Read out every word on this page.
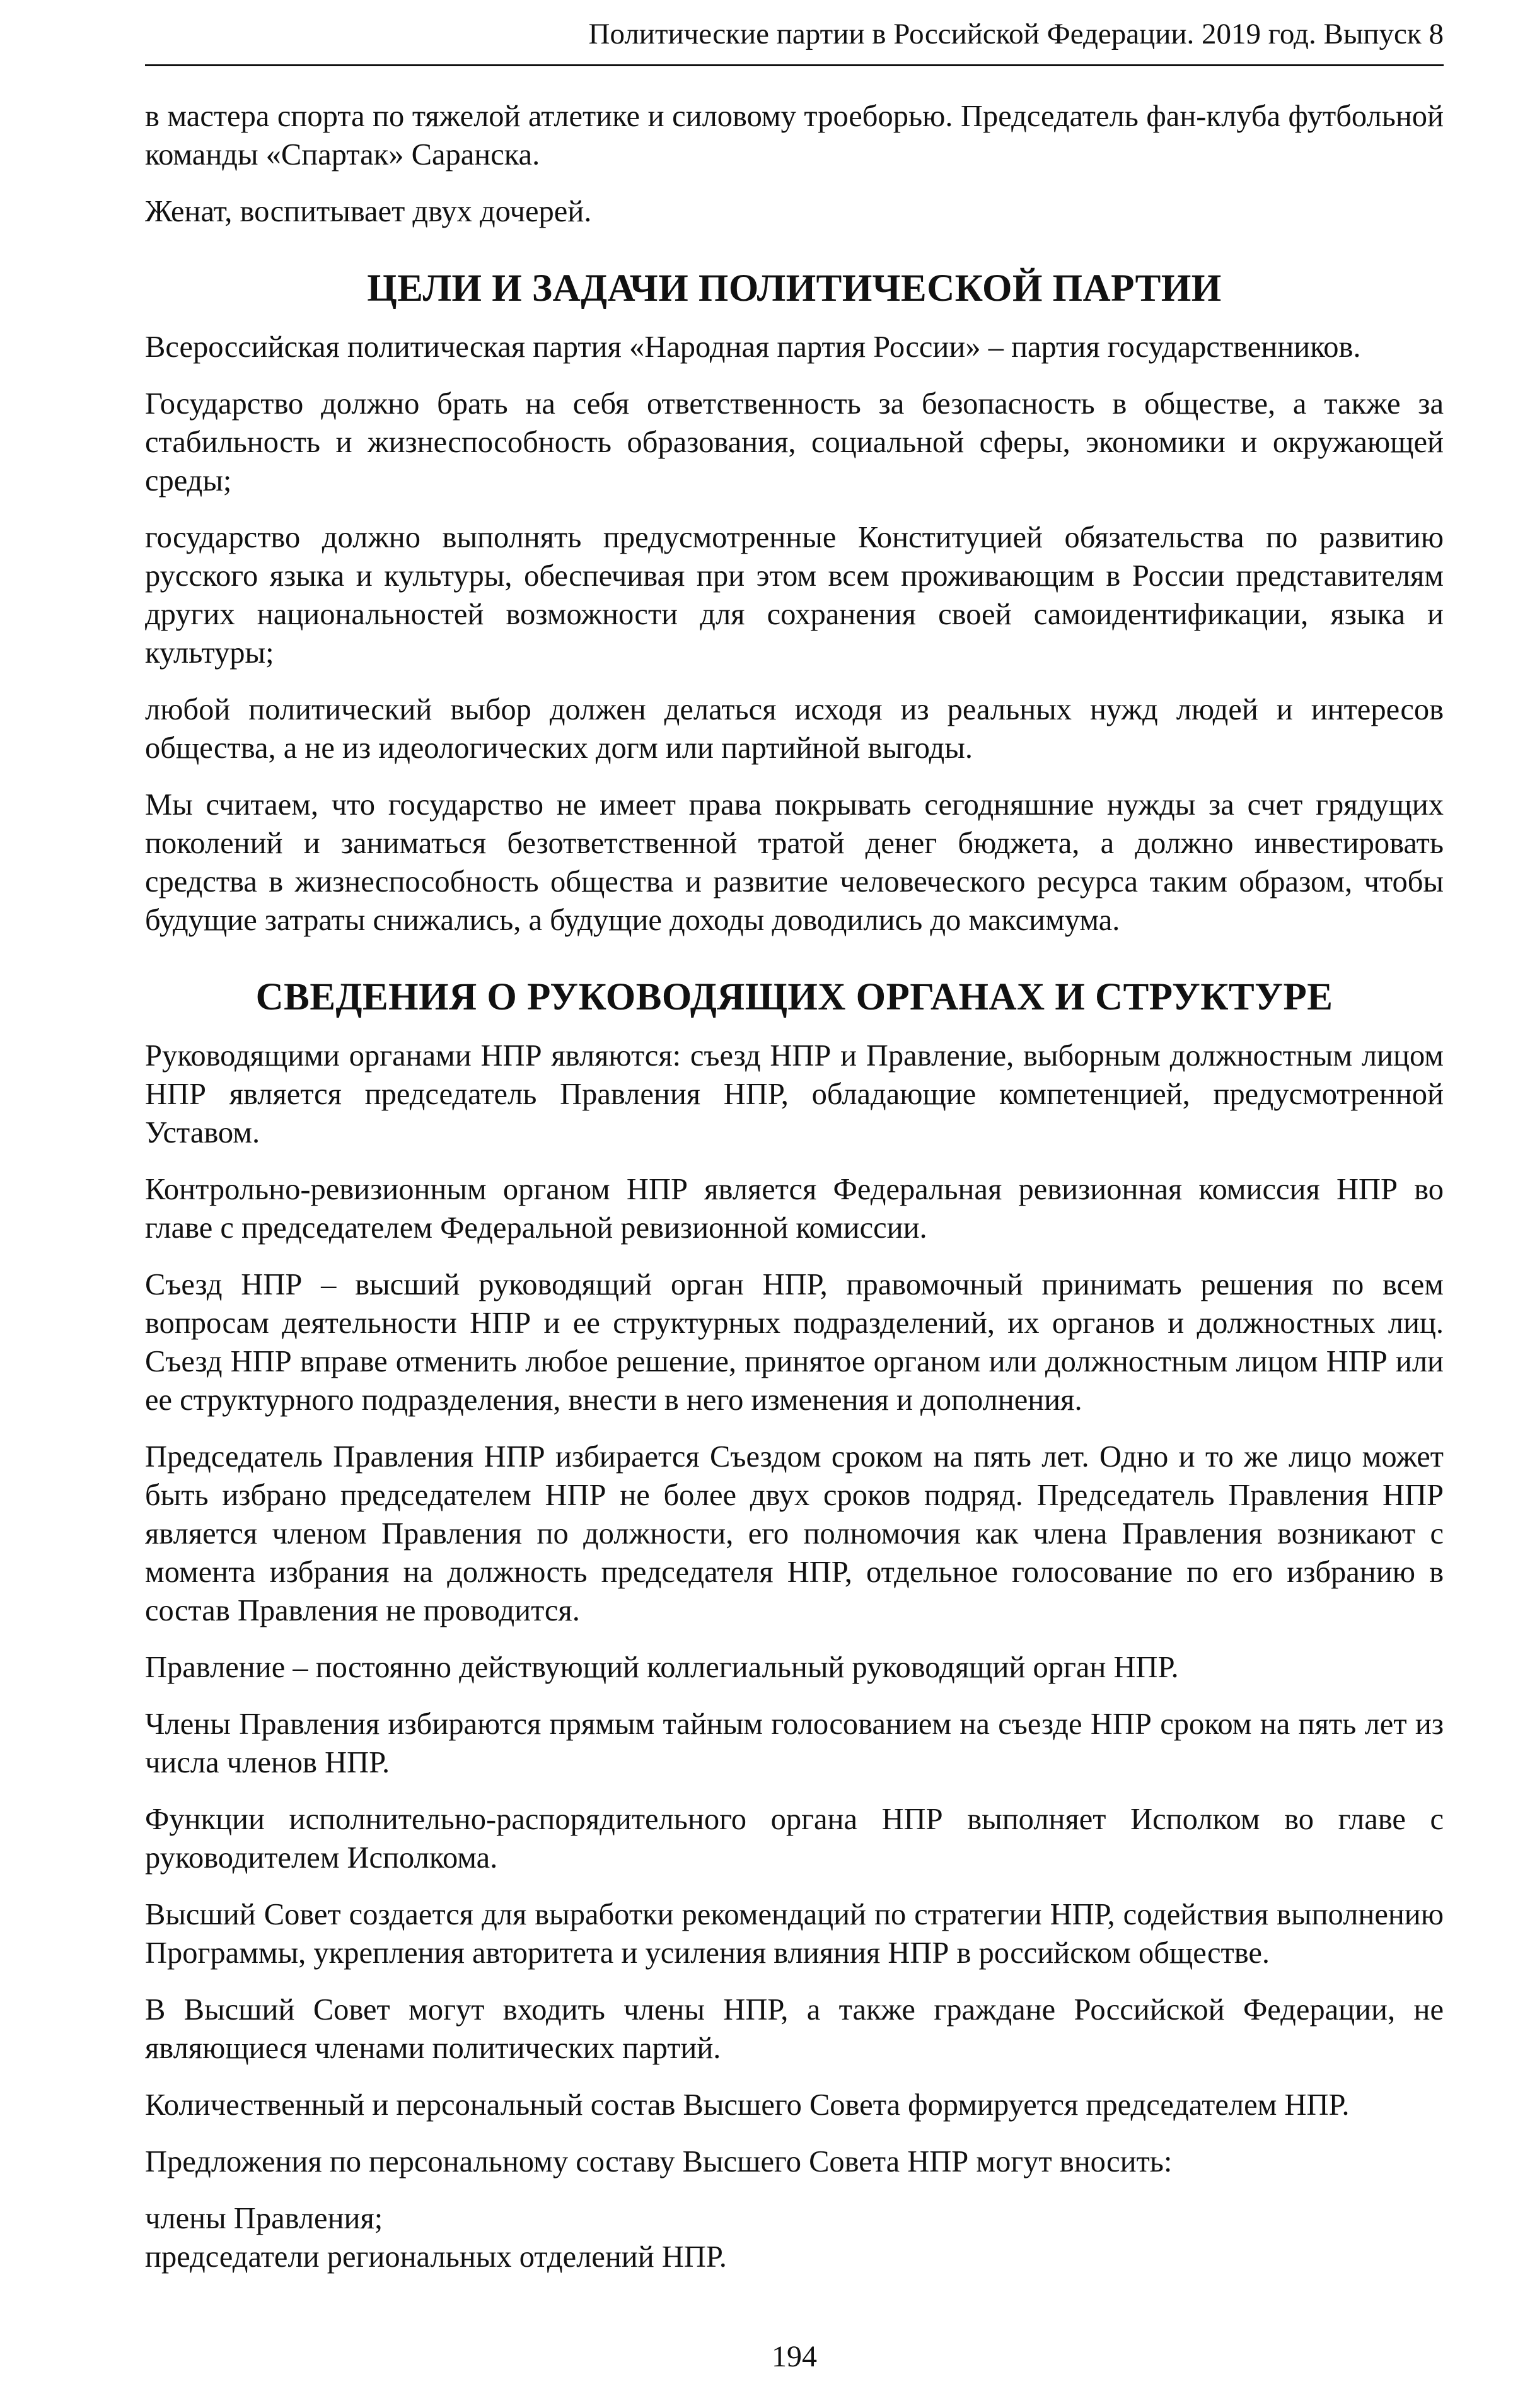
Политические партии в Российской Федерации. 2019 год. Выпуск 8

в мастера спорта по тяжелой атлетике и силовому троеборью. Председатель фан-клуба футбольной команды «Спартак» Саранска.

Женат, воспитывает двух дочерей.

ЦЕЛИ И ЗАДАЧИ ПОЛИТИЧЕСКОЙ ПАРТИИ

Всероссийская политическая партия «Народная партия России» – партия государственников.

Государство должно брать на себя ответственность за безопасность в обществе, а также за стабильность и жизнеспособность образования, социальной сферы, экономики и окружающей среды;

государство должно выполнять предусмотренные Конституцией обязательства по развитию русского языка и культуры, обеспечивая при этом всем проживающим в России представителям других национальностей возможности для сохранения своей самоидентификации, языка и культуры;

любой политический выбор должен делаться исходя из реальных нужд людей и интересов общества, а не из идеологических догм или партийной выгоды.

Мы считаем, что государство не имеет права покрывать сегодняшние нужды за счет грядущих поколений и заниматься безответственной тратой денег бюджета, а должно инвестировать средства в жизнеспособность общества и развитие человеческого ресурса таким образом, чтобы будущие затраты снижались, а будущие доходы доводились до максимума.

СВЕДЕНИЯ О РУКОВОДЯЩИХ ОРГАНАХ И СТРУКТУРЕ

Руководящими органами НПР являются: съезд НПР и Правление, выборным должностным лицом НПР является председатель Правления НПР, обладающие компетенцией, предусмотренной Уставом.

Контрольно-ревизионным органом НПР является Федеральная ревизионная комиссия НПР во главе с председателем Федеральной ревизионной комиссии.

Съезд НПР – высший руководящий орган НПР, правомочный принимать решения по всем вопросам деятельности НПР и ее структурных подразделений, их органов и должностных лиц. Съезд НПР вправе отменить любое решение, принятое органом или должностным лицом НПР или ее структурного подразделения, внести в него изменения и дополнения.

Председатель Правления НПР избирается Съездом сроком на пять лет. Одно и то же лицо может быть избрано председателем НПР не более двух сроков подряд. Председатель Правления НПР является членом Правления по должности, его полномочия как члена Правления возникают с момента избрания на должность председателя НПР, отдельное голосование по его избранию в состав Правления не проводится.

Правление – постоянно действующий коллегиальный руководящий орган НПР.

Члены Правления избираются прямым тайным голосованием на съезде НПР сроком на пять лет из числа членов НПР.

Функции исполнительно-распорядительного органа НПР выполняет Исполком во главе с руководителем Исполкома.

Высший Совет создается для выработки рекомендаций по стратегии НПР, содействия выполнению Программы, укрепления авторитета и усиления влияния НПР в российском обществе.

В Высший Совет могут входить члены НПР, а также граждане Российской Федерации, не являющиеся членами политических партий.

Количественный и персональный состав Высшего Совета формируется председателем НПР.

Предложения по персональному составу Высшего Совета НПР могут вносить:

члены Правления;

председатели региональных отделений НПР.

194
